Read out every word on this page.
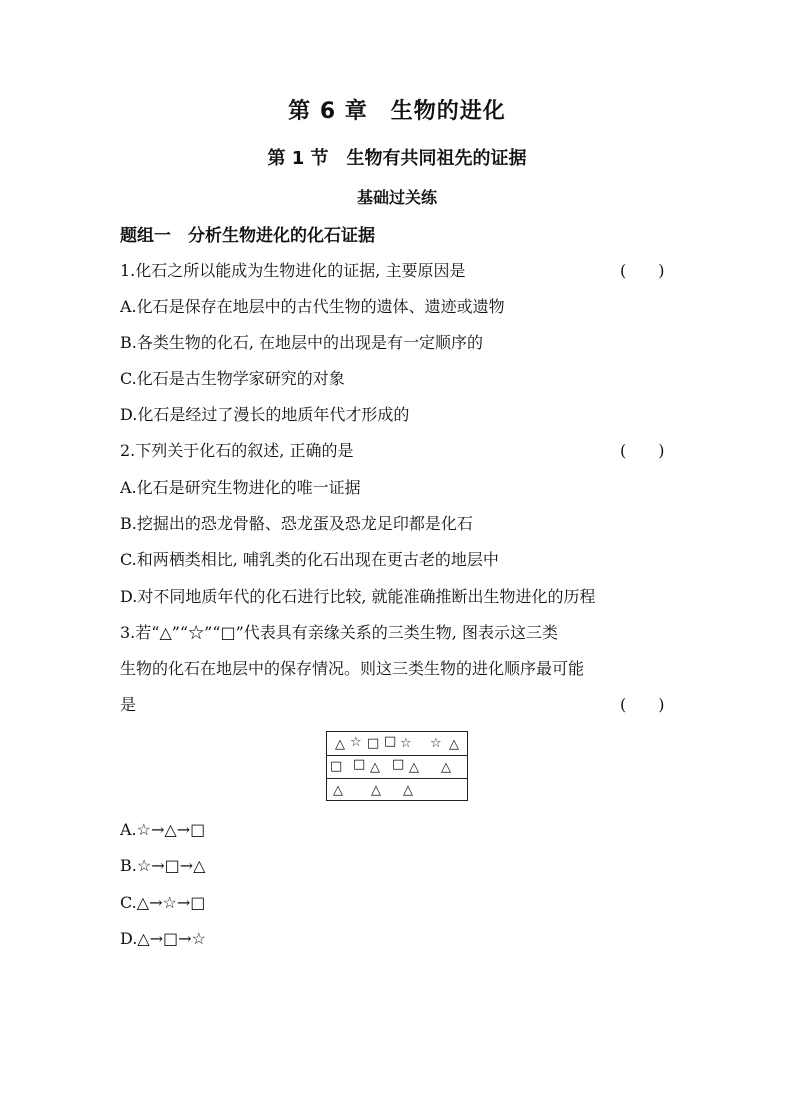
第 6 章　生物的进化
第 1 节　生物有共同祖先的证据
基础过关练
题组一　分析生物进化的化石证据
1.化石之所以能成为生物进化的证据, 主要原因是	(　　)
A.化石是保存在地层中的古代生物的遗体、遗迹或遗物
B.各类生物的化石, 在地层中的出现是有一定顺序的
C.化石是古生物学家研究的对象
D.化石是经过了漫长的地质年代才形成的
2.下列关于化石的叙述, 正确的是	(　　)
A.化石是研究生物进化的唯一证据
B.挖掘出的恐龙骨骼、恐龙蛋及恐龙足印都是化石
C.和两栖类相比, 哺乳类的化石出现在更古老的地层中
D.对不同地质年代的化石进行比较, 就能准确推断出生物进化的历程
3.若“△”“☆”“□”代表具有亲缘关系的三类生物, 图表示这三类
生物的化石在地层中的保存情况。则这三类生物的进化顺序最可能
是	(　　)
△ ☆ □ □ ☆ ☆ △
□ □ △ □ △ △
△ △ △
A.☆→△→□
B.☆→□→△
C.△→☆→□
D.△→□→☆
